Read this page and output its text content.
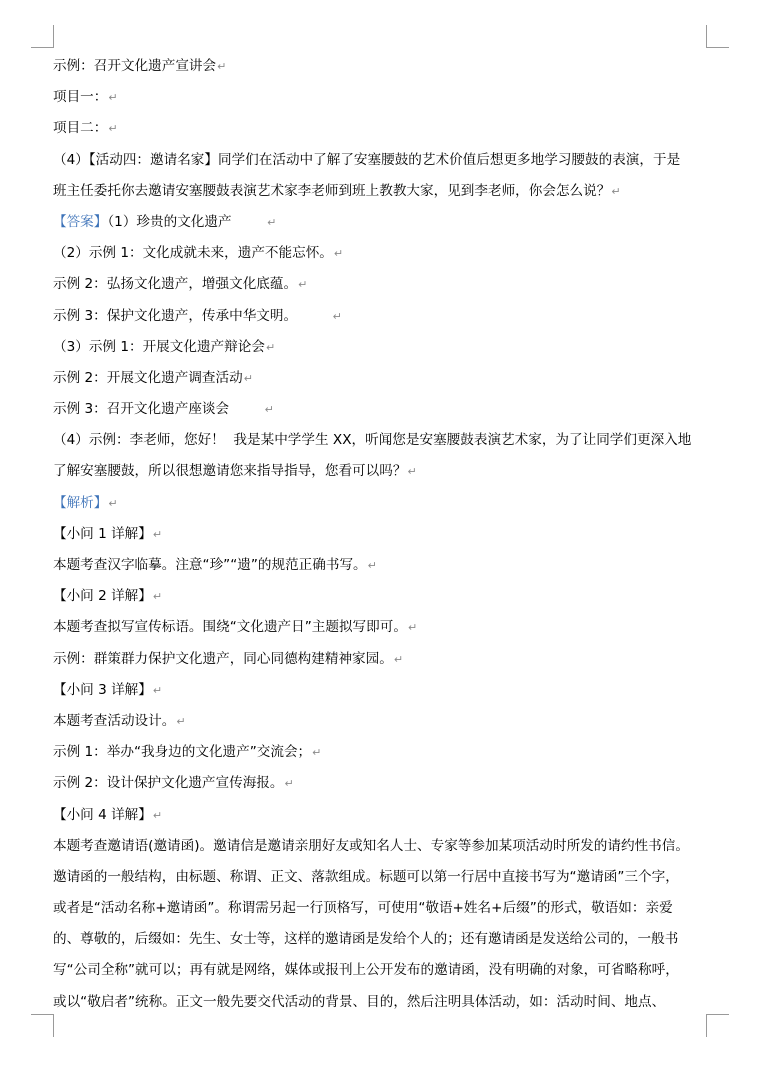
示例：召开文化遗产宣讲会↵
项目一：↵
项目二：↵
（4）【活动四：邀请名家】同学们在活动中了解了安塞腰鼓的艺术价值后想更多地学习腰鼓的表演，于是
班主任委托你去邀请安塞腰鼓表演艺术家李老师到班上教教大家，见到李老师，你会怎么说？↵
【答案】（1）珍贵的文化遗产        ↵
（2）示例 1：文化成就未来，遗产不能忘怀。↵
示例 2：弘扬文化遗产，增强文化底蕴。↵
示例 3：保护文化遗产，传承中华文明。        ↵
（3）示例 1：开展文化遗产辩论会↵
示例 2：开展文化遗产调查活动↵
示例 3：召开文化遗产座谈会        ↵
（4）示例：李老师，您好！  我是某中学学生 XX，听闻您是安塞腰鼓表演艺术家，为了让同学们更深入地
了解安塞腰鼓，所以很想邀请您来指导指导，您看可以吗？↵
【解析】↵
【小问 1 详解】↵
本题考查汉字临摹。注意“珍”“遗”的规范正确书写。↵
【小问 2 详解】↵
本题考查拟写宣传标语。围绕“文化遗产日”主题拟写即可。↵
示例：群策群力保护文化遗产，同心同德构建精神家园。↵
【小问 3 详解】↵
本题考查活动设计。↵
示例 1：举办“我身边的文化遗产”交流会；↵
示例 2：设计保护文化遗产宣传海报。↵
【小问 4 详解】↵
本题考查邀请语(邀请函)。邀请信是邀请亲朋好友或知名人士、专家等参加某项活动时所发的请约性书信。
邀请函的一般结构，由标题、称谓、正文、落款组成。标题可以第一行居中直接书写为“邀请函”三个字，
或者是“活动名称+邀请函”。称谓需另起一行顶格写，可使用“敬语+姓名+后缀”的形式，敬语如：亲爱
的、尊敬的，后缀如：先生、女士等，这样的邀请函是发给个人的；还有邀请函是发送给公司的，一般书
写“公司全称”就可以；再有就是网络，媒体或报刊上公开发布的邀请函，没有明确的对象，可省略称呼，
或以“敬启者”统称。正文一般先要交代活动的背景、目的，然后注明具体活动，如：活动时间、地点、
